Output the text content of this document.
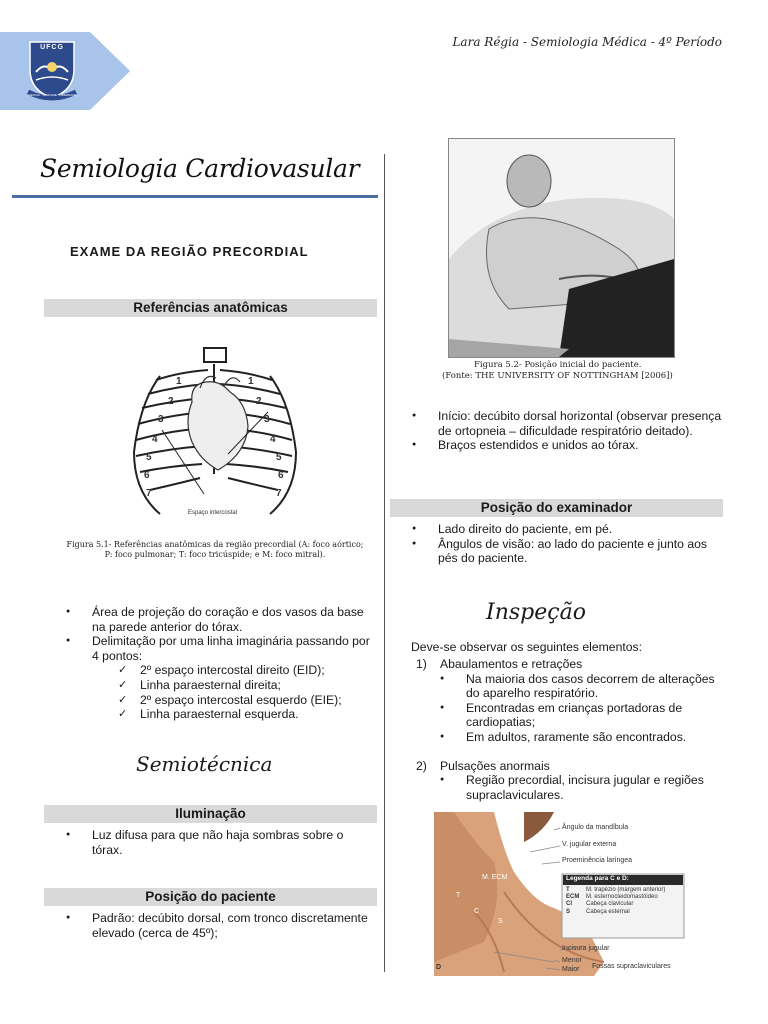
UFCG
CIENCIA · VERDADE · LIBERDADE
Lara Régia - Semiologia Médica - 4º Período
Semiologia Cardiovasular
EXAME DA REGIÃO PRECORDIAL
Referências anatômicas
1
2
3
4
5
6
7
1
2
3
4
5
6
7
Espaço intercostal
Figura 5.1- Referências anatômicas da região precordial (A: foco aórtico; P: foco pulmonar; T: foco tricúspide; e M: foco mitral).
● Área de projeção do coração e dos vasos da base na parede anterior do tórax.
● Delimitação por uma linha imaginária passando por 4 pontos:
✓ 2º espaço intercostal direito (EID);
✓ Linha paraesternal direita;
✓ 2º espaço intercostal esquerdo (EIE);
✓ Linha paraesternal esquerda.
Semiotécnica
Iluminação
● Luz difusa para que não haja sombras sobre o tórax.
Posição do paciente
● Padrão: decúbito dorsal, com tronco discretamente elevado (cerca de 45º);
Figura 5.2- Posição inicial do paciente.
(Fonte: THE UNIVERSITY OF NOTTINGHAM [2006])
● Início: decúbito dorsal horizontal (observar presença de ortopneia – dificuldade respiratório deitado).
● Braços estendidos e unidos ao tórax.
Posição do examinador
● Lado direito do paciente, em pé.
● Ângulos de visão: ao lado do paciente e junto aos pés do paciente.
Inspeção
Deve-se observar os seguintes elementos:
1) Abaulamentos e retrações
● Na maioria dos casos decorrem de alterações do aparelho respiratório.
● Encontradas em crianças portadoras de cardiopatias;
● Em adultos, raramente são encontrados.
2) Pulsações anormais
● Região precordial, incisura jugular e regiões supraclaviculares.
Ângulo da mandíbula
V. jugular externa
Proeminência laríngea
Incisura jugular
Menor
Maior Fossas supraclaviculares
M. ECM
T
C
S
D
Legenda para C e D:
T	M. trapézio (margem anterior)
ECM M. esternocleidomastóideo
Cl Cabeça clavicular
S	Cabeça esternal
